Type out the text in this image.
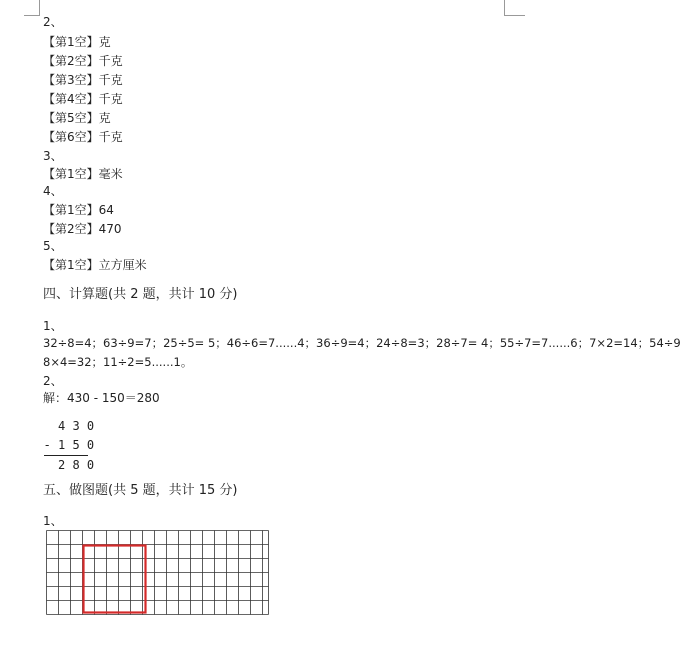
2、
【第1空】克
【第2空】千克
【第3空】千克
【第4空】千克
【第5空】克
【第6空】千克
3、
【第1空】毫米
4、
【第1空】64
【第2空】470
5、
【第1空】立方厘米
四、计算题(共 2 题，共计 10 分)
1、
32÷8=4；63÷9=7；25÷5= 5；46÷6=7......4；36÷9=4；24÷8=3；28÷7= 4；55÷7=7......6；7×2=14；54÷9
8×4=32；11÷2=5......1。
2、
解：430 - 150＝280
4 3 0
- 1 5 0
2 8 0
五、做图题(共 5 题，共计 15 分)
1、
